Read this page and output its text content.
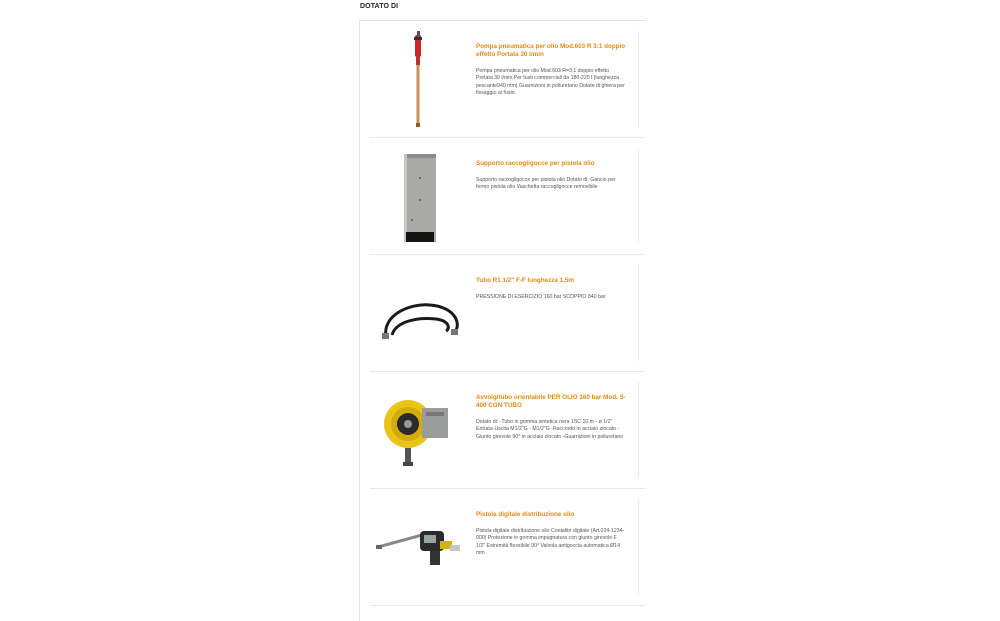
DOTATO DI

Pompa pneumatica per olio Mod.603 R 3:1 doppio effetto Portata 30 l/min

Pompa pneumatica per olio Mod.603 R=3:1 doppio effetto Portata 30 l/min Per fusti commerciali da 180-220 l (lunghezza pescante940 mm) Guarnizioni in poliuretano Dotate di ghiera per fissaggio al fusto.

Supporto raccogligocce per pistola olio

Supporto raccogligocce per pistola olio Dotato di: Gancio per fermo pistola olio Vaschetta raccogligocce removibile

Tubo R1 1/2" F-F lunghezza 1,5m

PRESSIONE DI ESERCIZIO 160 bar SCOPPIO 840 bar

Avvolgitubo orientabile PER OLIO 160 bar Mod. S-400 CON TUBO

Dotato di: -Tubo in gomma sintetica nera 1SC 10 m - ø 1/2" Entrata-Uscita M1/2"G - M1/2"G -Raccordo in acciaio zincato -Giunto girevole 90° in acciaio zincato -Guarnizioni in poliuretano

Pistola digitale distribuzione olio

Pistola digitale distribuzione olio Contalitri digitale (Art.024-1234-000) Protezione in gomma impugnatura con giunto girevole F 1/2" Estremità flessibile 90° Valvola antigoccia automatica Ø14 mm
